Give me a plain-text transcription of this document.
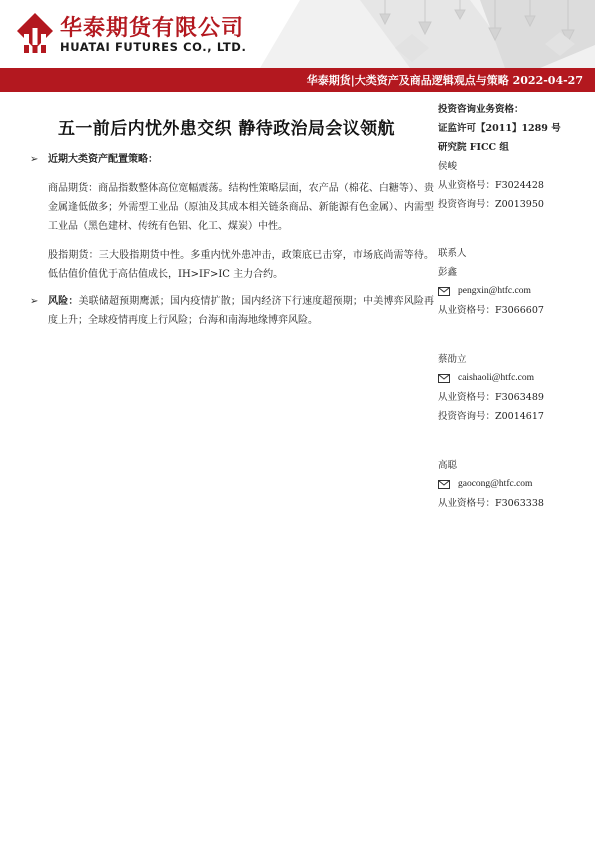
华泰期货有限公司
HUATAI FUTURES CO., LTD.
华泰期货|大类资产及商品逻辑观点与策略 2022-04-27
五一前后内忧外患交织 静待政治局会议领航
➢ 近期大类资产配置策略：
商品期货：商品指数整体高位宽幅震荡。结构性策略层面，农产品（棉花、白糖等）、贵金属逢低做多；外需型工业品（原油及其成本相关链条商品、新能源有色金属）、内需型工业品（黑色建材、传统有色铝、化工、煤炭）中性。
股指期货：三大股指期货中性。多重内忧外患冲击，政策底已击穿，市场底尚需等待。低估值价值优于高估值成长，IH>IF>IC 主力合约。
➢ 风险：美联储超预期鹰派；国内疫情扩散；国内经济下行速度超预期；中美博弈风险再度上升；全球疫情再度上行风险；台海和南海地缘博弈风险。
投资咨询业务资格：
证监许可【2011】1289 号
研究院 FICC 组
侯峻
从业资格号：F3024428
投资咨询号：Z0013950
联系人
彭鑫
pengxin@htfc.com
从业资格号：F3066607
蔡劭立
caishaoli@htfc.com
从业资格号：F3063489
投资咨询号：Z0014617
高聪
gaocong@htfc.com
从业资格号：F3063338
